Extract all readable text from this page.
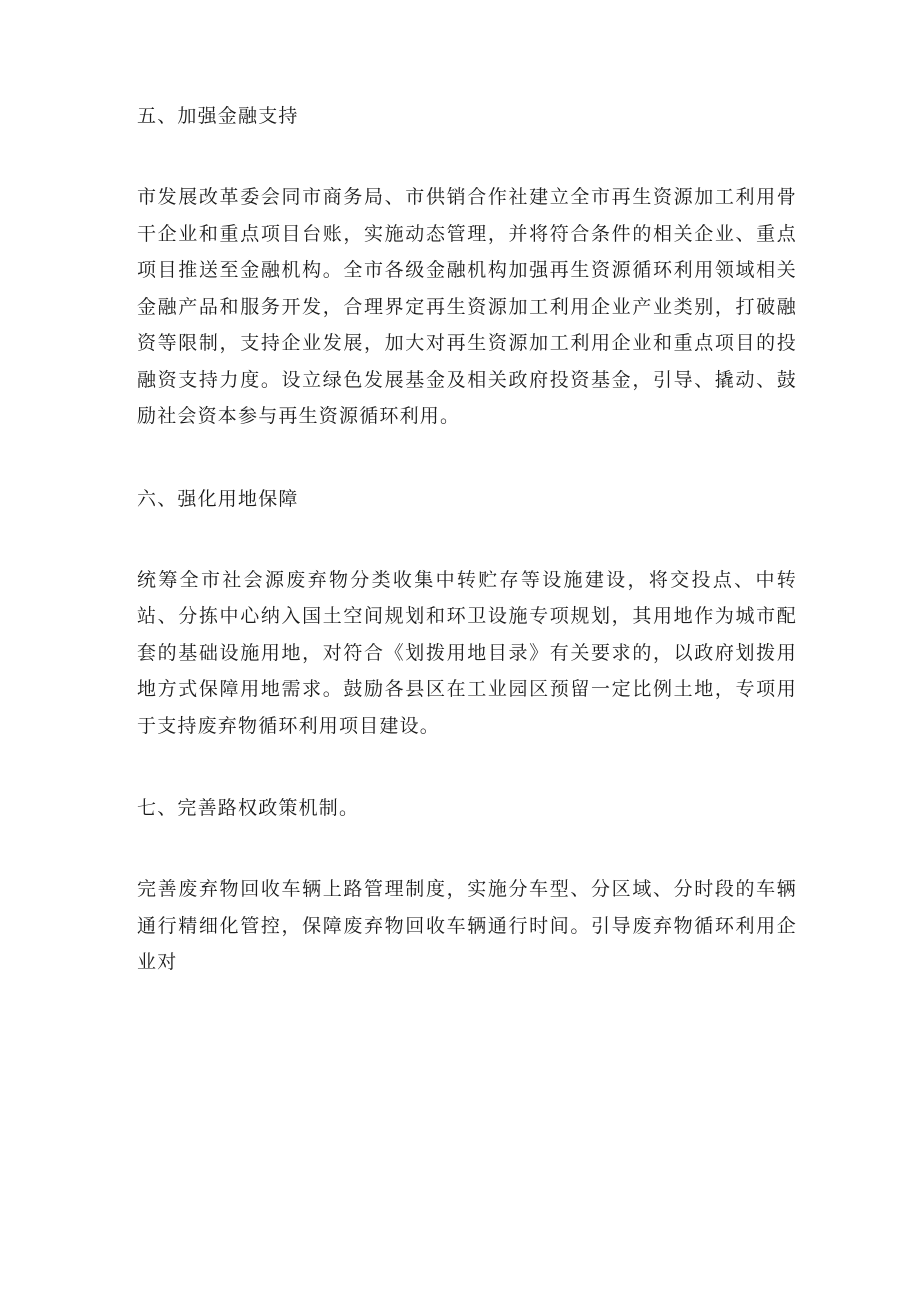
五、加强金融支持

市发展改革委会同市商务局、市供销合作社建立全市再生资源加工利用骨干企业和重点项目台账，实施动态管理，并将符合条件的相关企业、重点项目推送至金融机构。全市各级金融机构加强再生资源循环利用领域相关金融产品和服务开发，合理界定再生资源加工利用企业产业类别，打破融资等限制，支持企业发展，加大对再生资源加工利用企业和重点项目的投融资支持力度。设立绿色发展基金及相关政府投资基金，引导、撬动、鼓励社会资本参与再生资源循环利用。

六、强化用地保障

统筹全市社会源废弃物分类收集中转贮存等设施建设，将交投点、中转站、分拣中心纳入国土空间规划和环卫设施专项规划，其用地作为城市配套的基础设施用地，对符合《划拨用地目录》有关要求的，以政府划拨用地方式保障用地需求。鼓励各县区在工业园区预留一定比例土地，专项用于支持废弃物循环利用项目建设。

七、完善路权政策机制。

完善废弃物回收车辆上路管理制度，实施分车型、分区域、分时段的车辆通行精细化管控，保障废弃物回收车辆通行时间。引导废弃物循环利用企业对
